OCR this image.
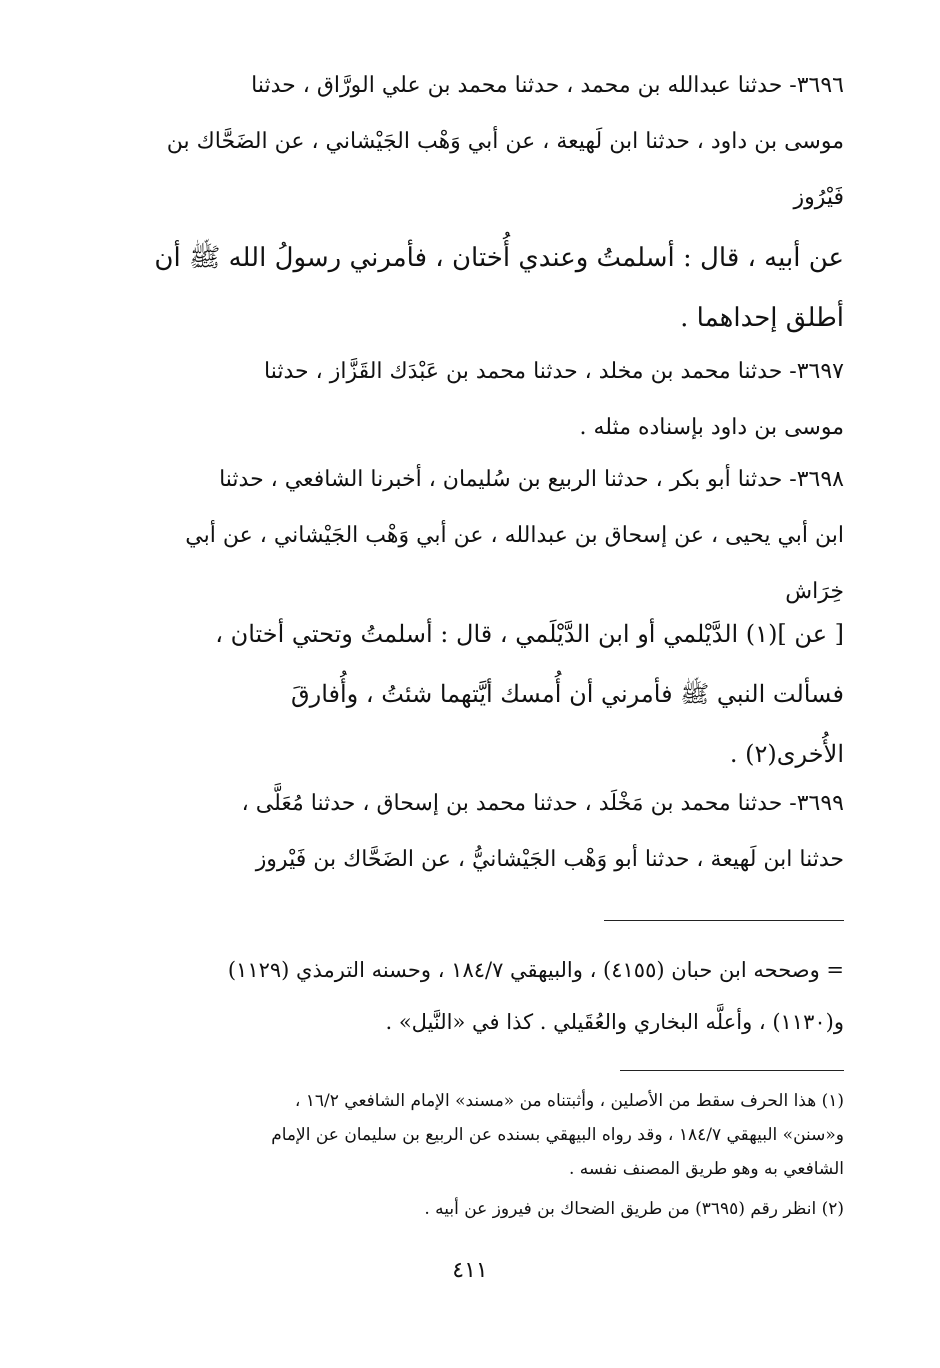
٣٦٩٦- حدثنا عبدالله بن محمد ، حدثنا محمد بن علي الورَّاق ، حدثنا
موسى بن داود ، حدثنا ابن لَهيعة ، عن أبي وَهْب الجَيْشاني ، عن الضَحَّاك بن
فَيْرُوز
عن أبيه ، قال : أسلمتُ وعندي أُختان ، فأمرني رسولُ الله ﷺ أن
أطلق إحداهما .
٣٦٩٧- حدثنا محمد بن مخلد ، حدثنا محمد بن عَبْدَك القَزَّاز ، حدثنا
موسى بن داود بإسناده مثله .
٣٦٩٨- حدثنا أبو بكر ، حدثنا الربيع بن سُليمان ، أخبرنا الشافعي ، حدثنا
ابن أبي يحيى ، عن إسحاق بن عبدالله ، عن أبي وَهْب الجَيْشاني ، عن أبي
خِرَاش
[ عن ](١) الدَّيْلمي أو ابن الدَّيْلَمي ، قال : أسلمتُ وتحتي أختان ،
فسألت النبي ﷺ فأمرني أن أُمسك أيَّتهما شئتُ ، وأُفارقَ
الأُخرى(٢) .
٣٦٩٩- حدثنا محمد بن مَخْلَد ، حدثنا محمد بن إسحاق ، حدثنا مُعَلَّى ،
حدثنا ابن لَهيعة ، حدثنا أبو وَهْب الجَيْشانيُّ ، عن الضَحَّاك بن فَيْروز
= وصححه ابن حبان (٤١٥٥) ، والبيهقي ١٨٤/٧ ، وحسنه الترمذي (١١٢٩)
و(١١٣٠) ، وأعلَّه البخاري والعُقَيلي . كذا في «النَّيل» .
(١) هذا الحرف سقط من الأصلين ، وأثبتناه من «مسند» الإمام الشافعي ١٦/٢ ،
و«سنن» البيهقي ١٨٤/٧ ، وقد رواه البيهقي بسنده عن الربيع بن سليمان عن الإمام
الشافعي به وهو طريق المصنف نفسه .
(٢) انظر رقم (٣٦٩٥) من طريق الضحاك بن فيروز عن أبيه .
٤١١
